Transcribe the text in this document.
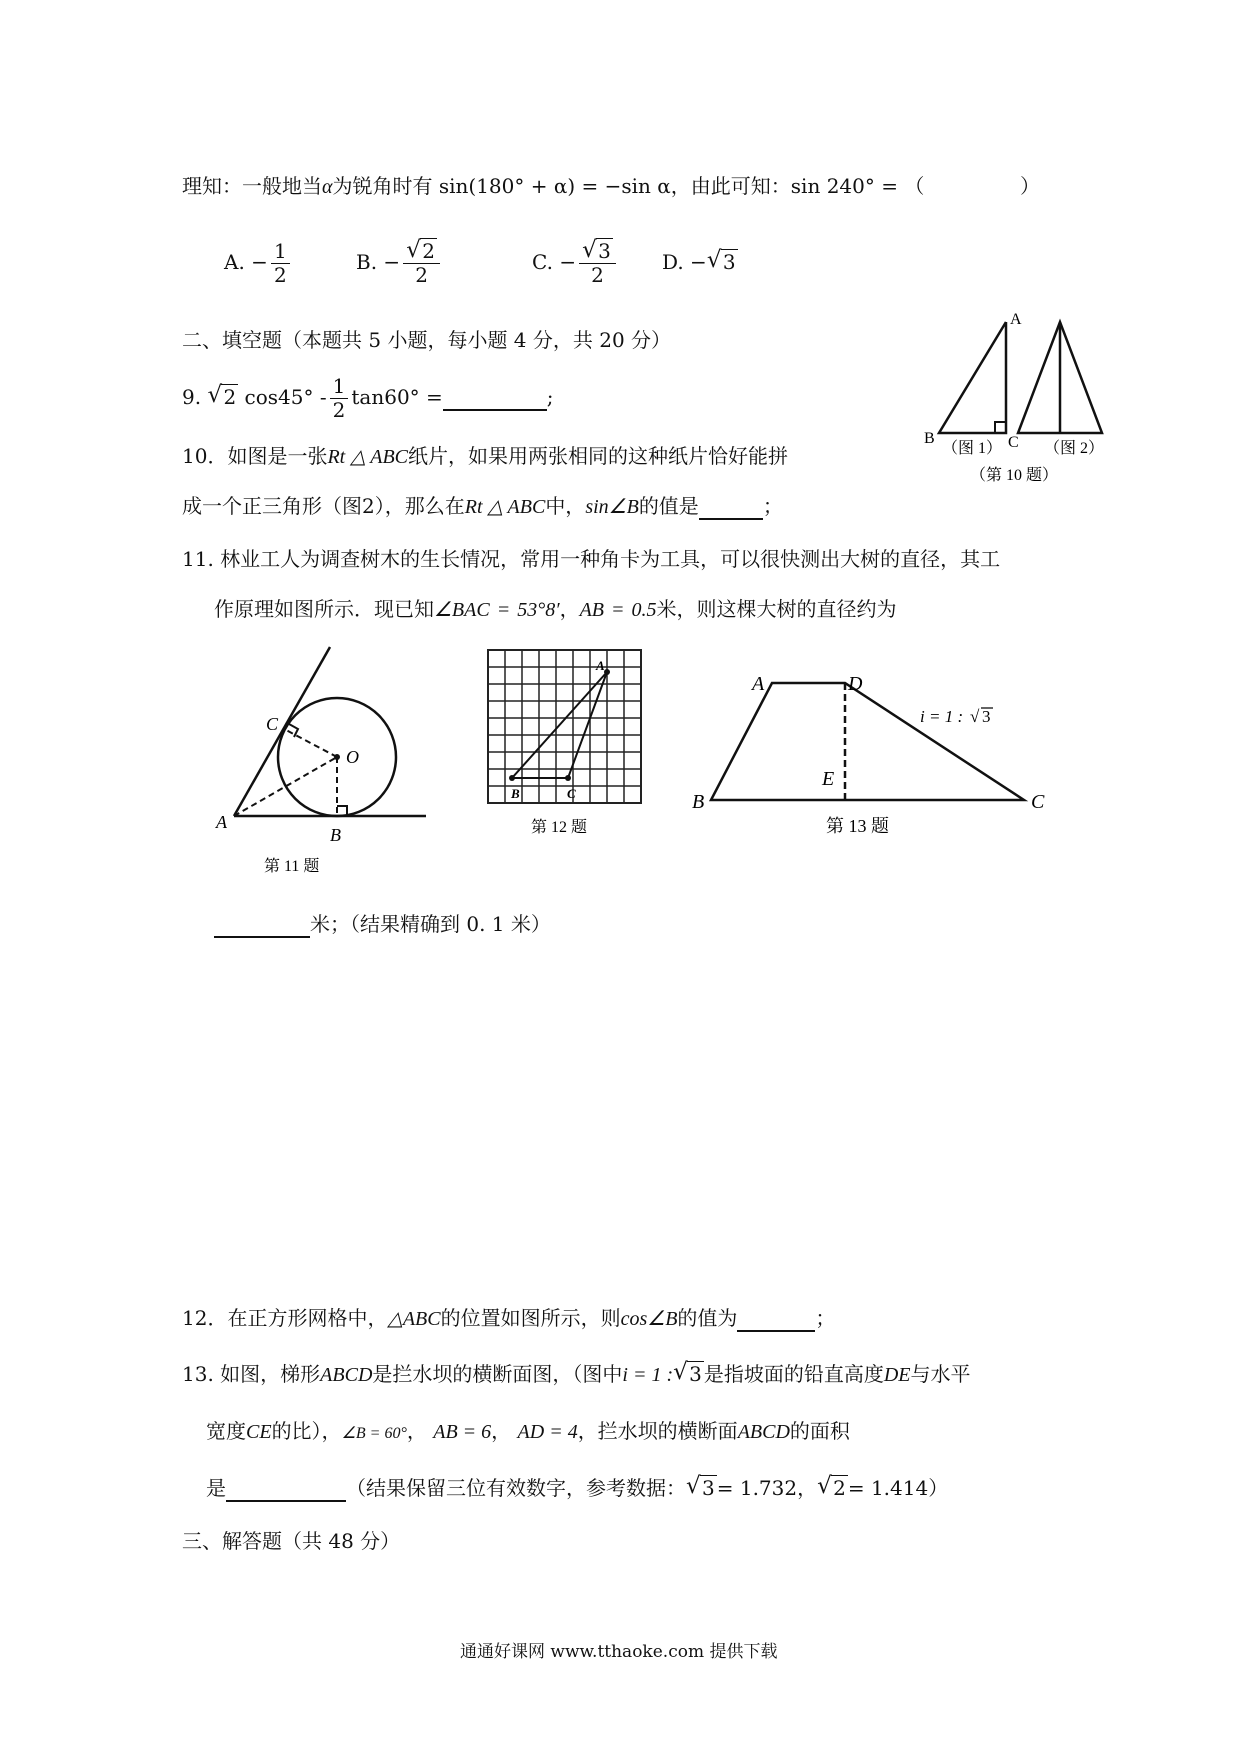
理知：一般地当α为锐角时有 sin(180° + α) = −sin α，由此可知：sin 240° = （	）
A. − $\frac{1}{2}$	B. − √ $\frac{2}{2}$	C. − √ $\frac{3}{2} D$. − √ 3
二、填空题（本题共 5 小题，每小题 4 分，共 20 分）
9. √ 2 $\cos 45^\circ - \frac{1}{2} \tan 60^\circ$ =	;
10．如图是一张Rt △ ABC纸片，如果用两张相同的这种纸片恰好能拼
成一个正三角形（图2），那么在Rt △ ABC中，sin∠B的值是	；
A
B	C
（图 1）	（图 2）
（第 10 题）
11. 林业工人为调查树木的生长情况，常用一种角卡为工具，可以很快测出大树的直径，其工
作原理如图所示．现已知∠BAC = 53°8′，AB = 0.5米，则这棵大树的直径约为
C
O
A
B
第 11 题
A
B	C
第 12 题
A	D
B	C
E
i = 1 : √ 3
第 13 题
米；（结果精确到 0. 1 米）
12．在正方形网格中，△ABC的位置如图所示，则cos∠B的值为	；
13. 如图，梯形ABCD是拦水坝的横断面图，（图中i = 1 : √ 3 是指坡面的铅直高度DE与水平
宽度CE的比），∠B = 60°， AB = 6， AD = 4，拦水坝的横断面ABCD的面积
是	（结果保留三位有效数字，参考数据： √ 3 = 1.732， √ 2 = 1.414）
三、解答题（共 48 分）
通通好课网 www.tthaoke.com 提供下载
